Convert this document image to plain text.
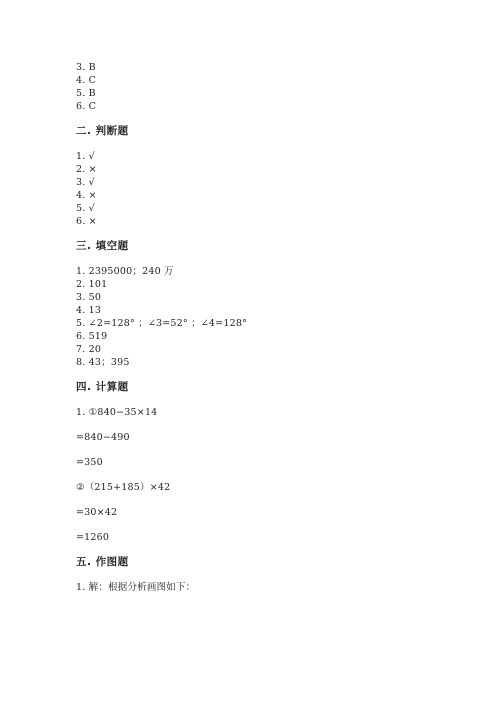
3. B
4. C
5. B
6. C
二. 判断题
1. √
2. ×
3. √
4. ×
5. √
6. ×
三. 填空题
1. 2395000；240 万
2. 101
3. 50
4. 13
5. ∠2=128° ；∠3=52° ；∠4=128°
6. 519
7. 20
8. 43；395
四. 计算题
1. ①840−35×14
=840−490
=350
②（215+185）×42
=30×42
=1260
五. 作图题
1. 解：根据分析画图如下：
